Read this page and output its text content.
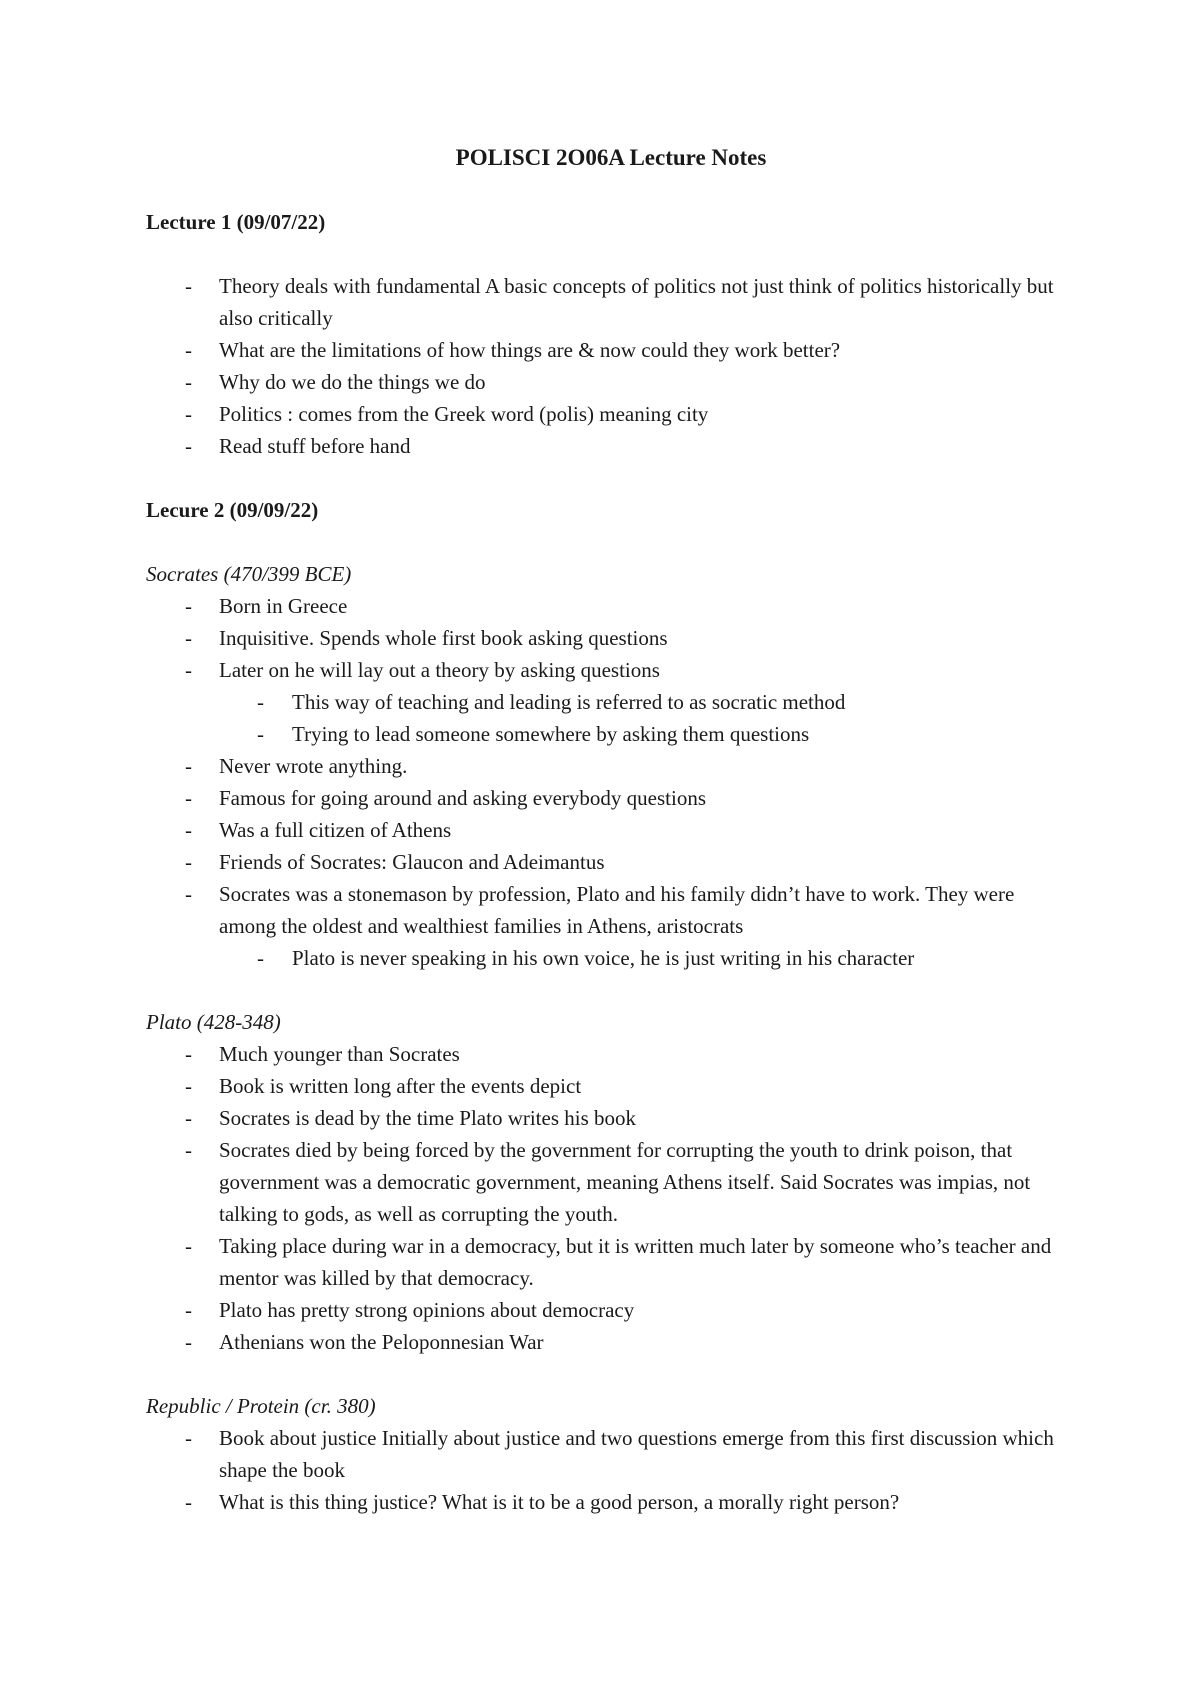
POLISCI 2O06A Lecture Notes
Lecture 1 (09/07/22)
- Theory deals with fundamental A basic concepts of politics not just think of politics historically but also critically
- What are the limitations of how things are & now could they work better?
- Why do we do the things we do
- Politics : comes from the Greek word (polis) meaning city
- Read stuff before hand
Lecure 2 (09/09/22)
Socrates (470/399 BCE)
- Born in Greece
- Inquisitive. Spends whole first book asking questions
- Later on he will lay out a theory by asking questions
- This way of teaching and leading is referred to as socratic method
- Trying to lead someone somewhere by asking them questions
- Never wrote anything.
- Famous for going around and asking everybody questions
- Was a full citizen of Athens
- Friends of Socrates: Glaucon and Adeimantus
- Socrates was a stonemason by profession, Plato and his family didn’t have to work. They were among the oldest and wealthiest families in Athens, aristocrats
- Plato is never speaking in his own voice, he is just writing in his character
Plato (428-348)
- Much younger than Socrates
- Book is written long after the events depict
- Socrates is dead by the time Plato writes his book
- Socrates died by being forced by the government for corrupting the youth to drink poison, that government was a democratic government, meaning Athens itself. Said Socrates was impias, not talking to gods, as well as corrupting the youth.
- Taking place during war in a democracy, but it is written much later by someone who’s teacher and mentor was killed by that democracy.
- Plato has pretty strong opinions about democracy
- Athenians won the Peloponnesian War
Republic / Protein (cr. 380)
- Book about justice Initially about justice and two questions emerge from this first discussion which shape the book
- What is this thing justice? What is it to be a good person, a morally right person?
